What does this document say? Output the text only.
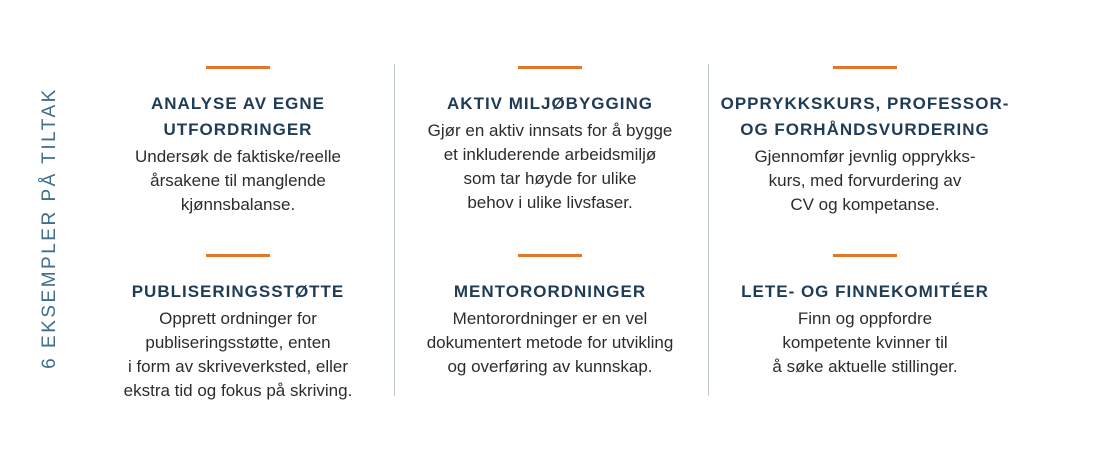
6 EKSEMPLER PÅ TILTAK	ANALYSE AV EGNE
UTFORDRINGER
Undersøk de faktiske/reelle
årsakene til manglende
kjønnsbalanse.
PUBLISERINGSSTØTTE
Opprett ordninger for
publiseringsstøtte, enten
i form av skriveverksted, eller
ekstra tid og fokus på skriving.
AKTIV MILJØBYGGING
Gjør en aktiv innsats for å bygge
et inkluderende arbeidsmiljø
som tar høyde for ulike
behov i ulike livsfaser.
MENTORORDNINGER
Mentorordninger er en vel
dokumentert metode for utvikling
og overføring av kunnskap.
OPPRYKKSKURS, PROFESSOR-
OG FORHÅNDSVURDERING
Gjennomfør jevnlig opprykks-
kurs, med forvurdering av
CV og kompetanse.
LETE- OG FINNEKOMITÉER
Finn og oppfordre
kompetente kvinner til
å søke aktuelle stillinger.
